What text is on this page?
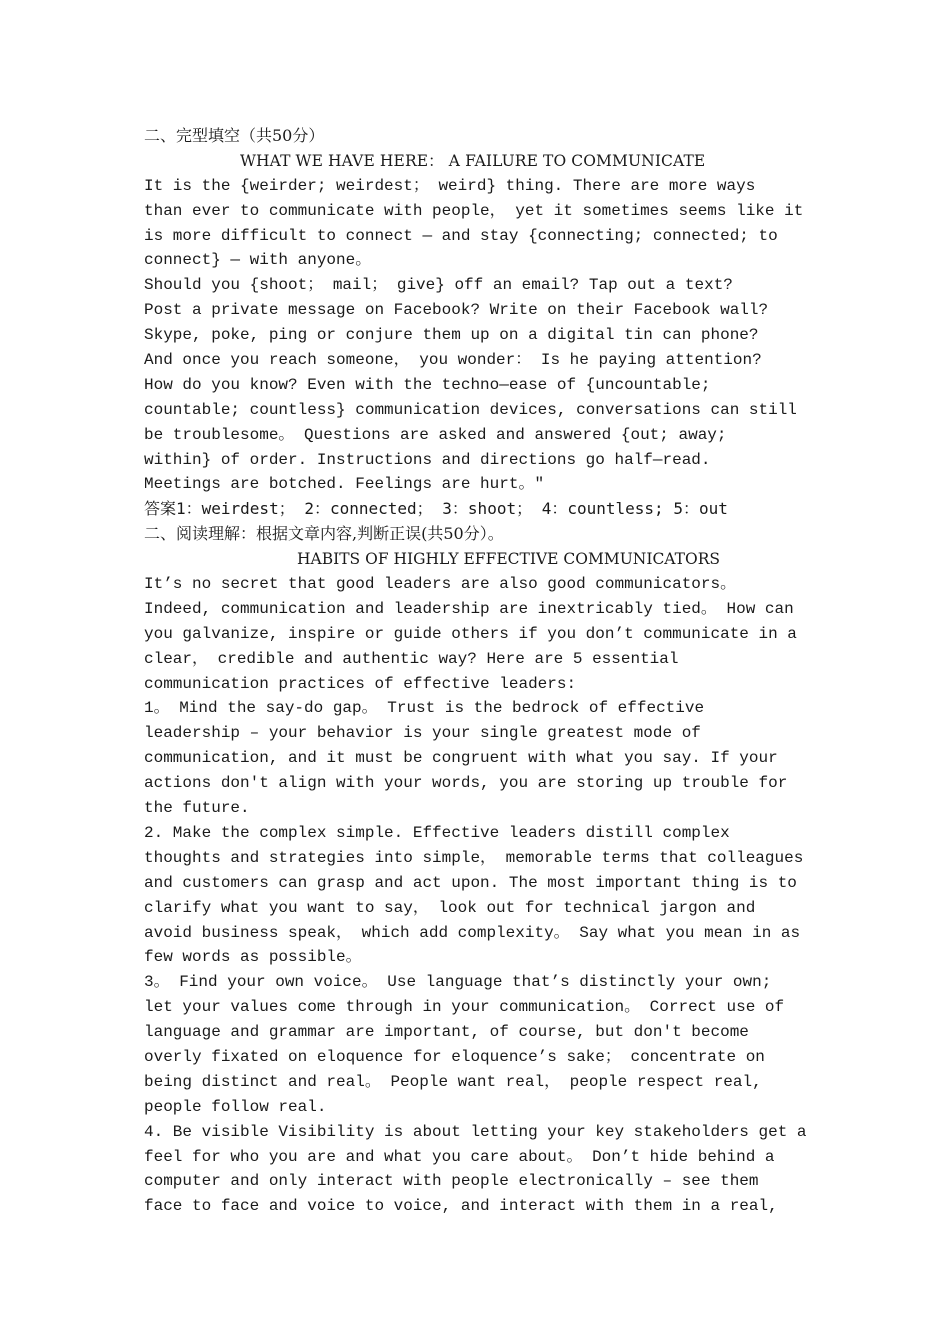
二、完型填空（共50分）
WHAT WE HAVE HERE： A FAILURE TO COMMUNICATE
It is the {weirder; weirdest； weird} thing. There are more ways
than ever to communicate with people， yet it sometimes seems like it
is more difficult to connect — and stay {connecting; connected; to
connect} — with anyone。
Should you {shoot； mail； give} off an email? Tap out a text?
Post a private message on Facebook? Write on their Facebook wall?
Skype, poke, ping or conjure them up on a digital tin can phone?
And once you reach someone， you wonder： Is he paying attention?
How do you know? Even with the techno—ease of {uncountable;
countable; countless} communication devices, conversations can still
be troublesome。 Questions are asked and answered {out; away;
within} of order. Instructions and directions go half—read.
Meetings are botched. Feelings are hurt。"
答案1：weirdest； 2：connected； 3：shoot； 4：countless; 5：out
二、阅读理解：根据文章内容,判断正误(共50分）。
HABITS OF HIGHLY EFFECTIVE COMMUNICATORS
It’s no secret that good leaders are also good communicators。
Indeed, communication and leadership are inextricably tied。 How can
you galvanize, inspire or guide others if you don’t communicate in a
clear， credible and authentic way? Here are 5 essential
communication practices of effective leaders:
1。 Mind the say-do gap。 Trust is the bedrock of effective
leadership – your behavior is your single greatest mode of
communication, and it must be congruent with what you say. If your
actions don't align with your words, you are storing up trouble for
the future.
2. Make the complex simple. Effective leaders distill complex
thoughts and strategies into simple， memorable terms that colleagues
and customers can grasp and act upon. The most important thing is to
clarify what you want to say， look out for technical jargon and
avoid business speak， which add complexity。 Say what you mean in as
few words as possible。
3。 Find your own voice。 Use language that’s distinctly your own;
let your values come through in your communication。 Correct use of
language and grammar are important, of course, but don't become
overly fixated on eloquence for eloquence’s sake； concentrate on
being distinct and real。 People want real， people respect real,
people follow real.
4. Be visible Visibility is about letting your key stakeholders get a
feel for who you are and what you care about。 Don’t hide behind a
computer and only interact with people electronically – see them
face to face and voice to voice, and interact with them in a real,
